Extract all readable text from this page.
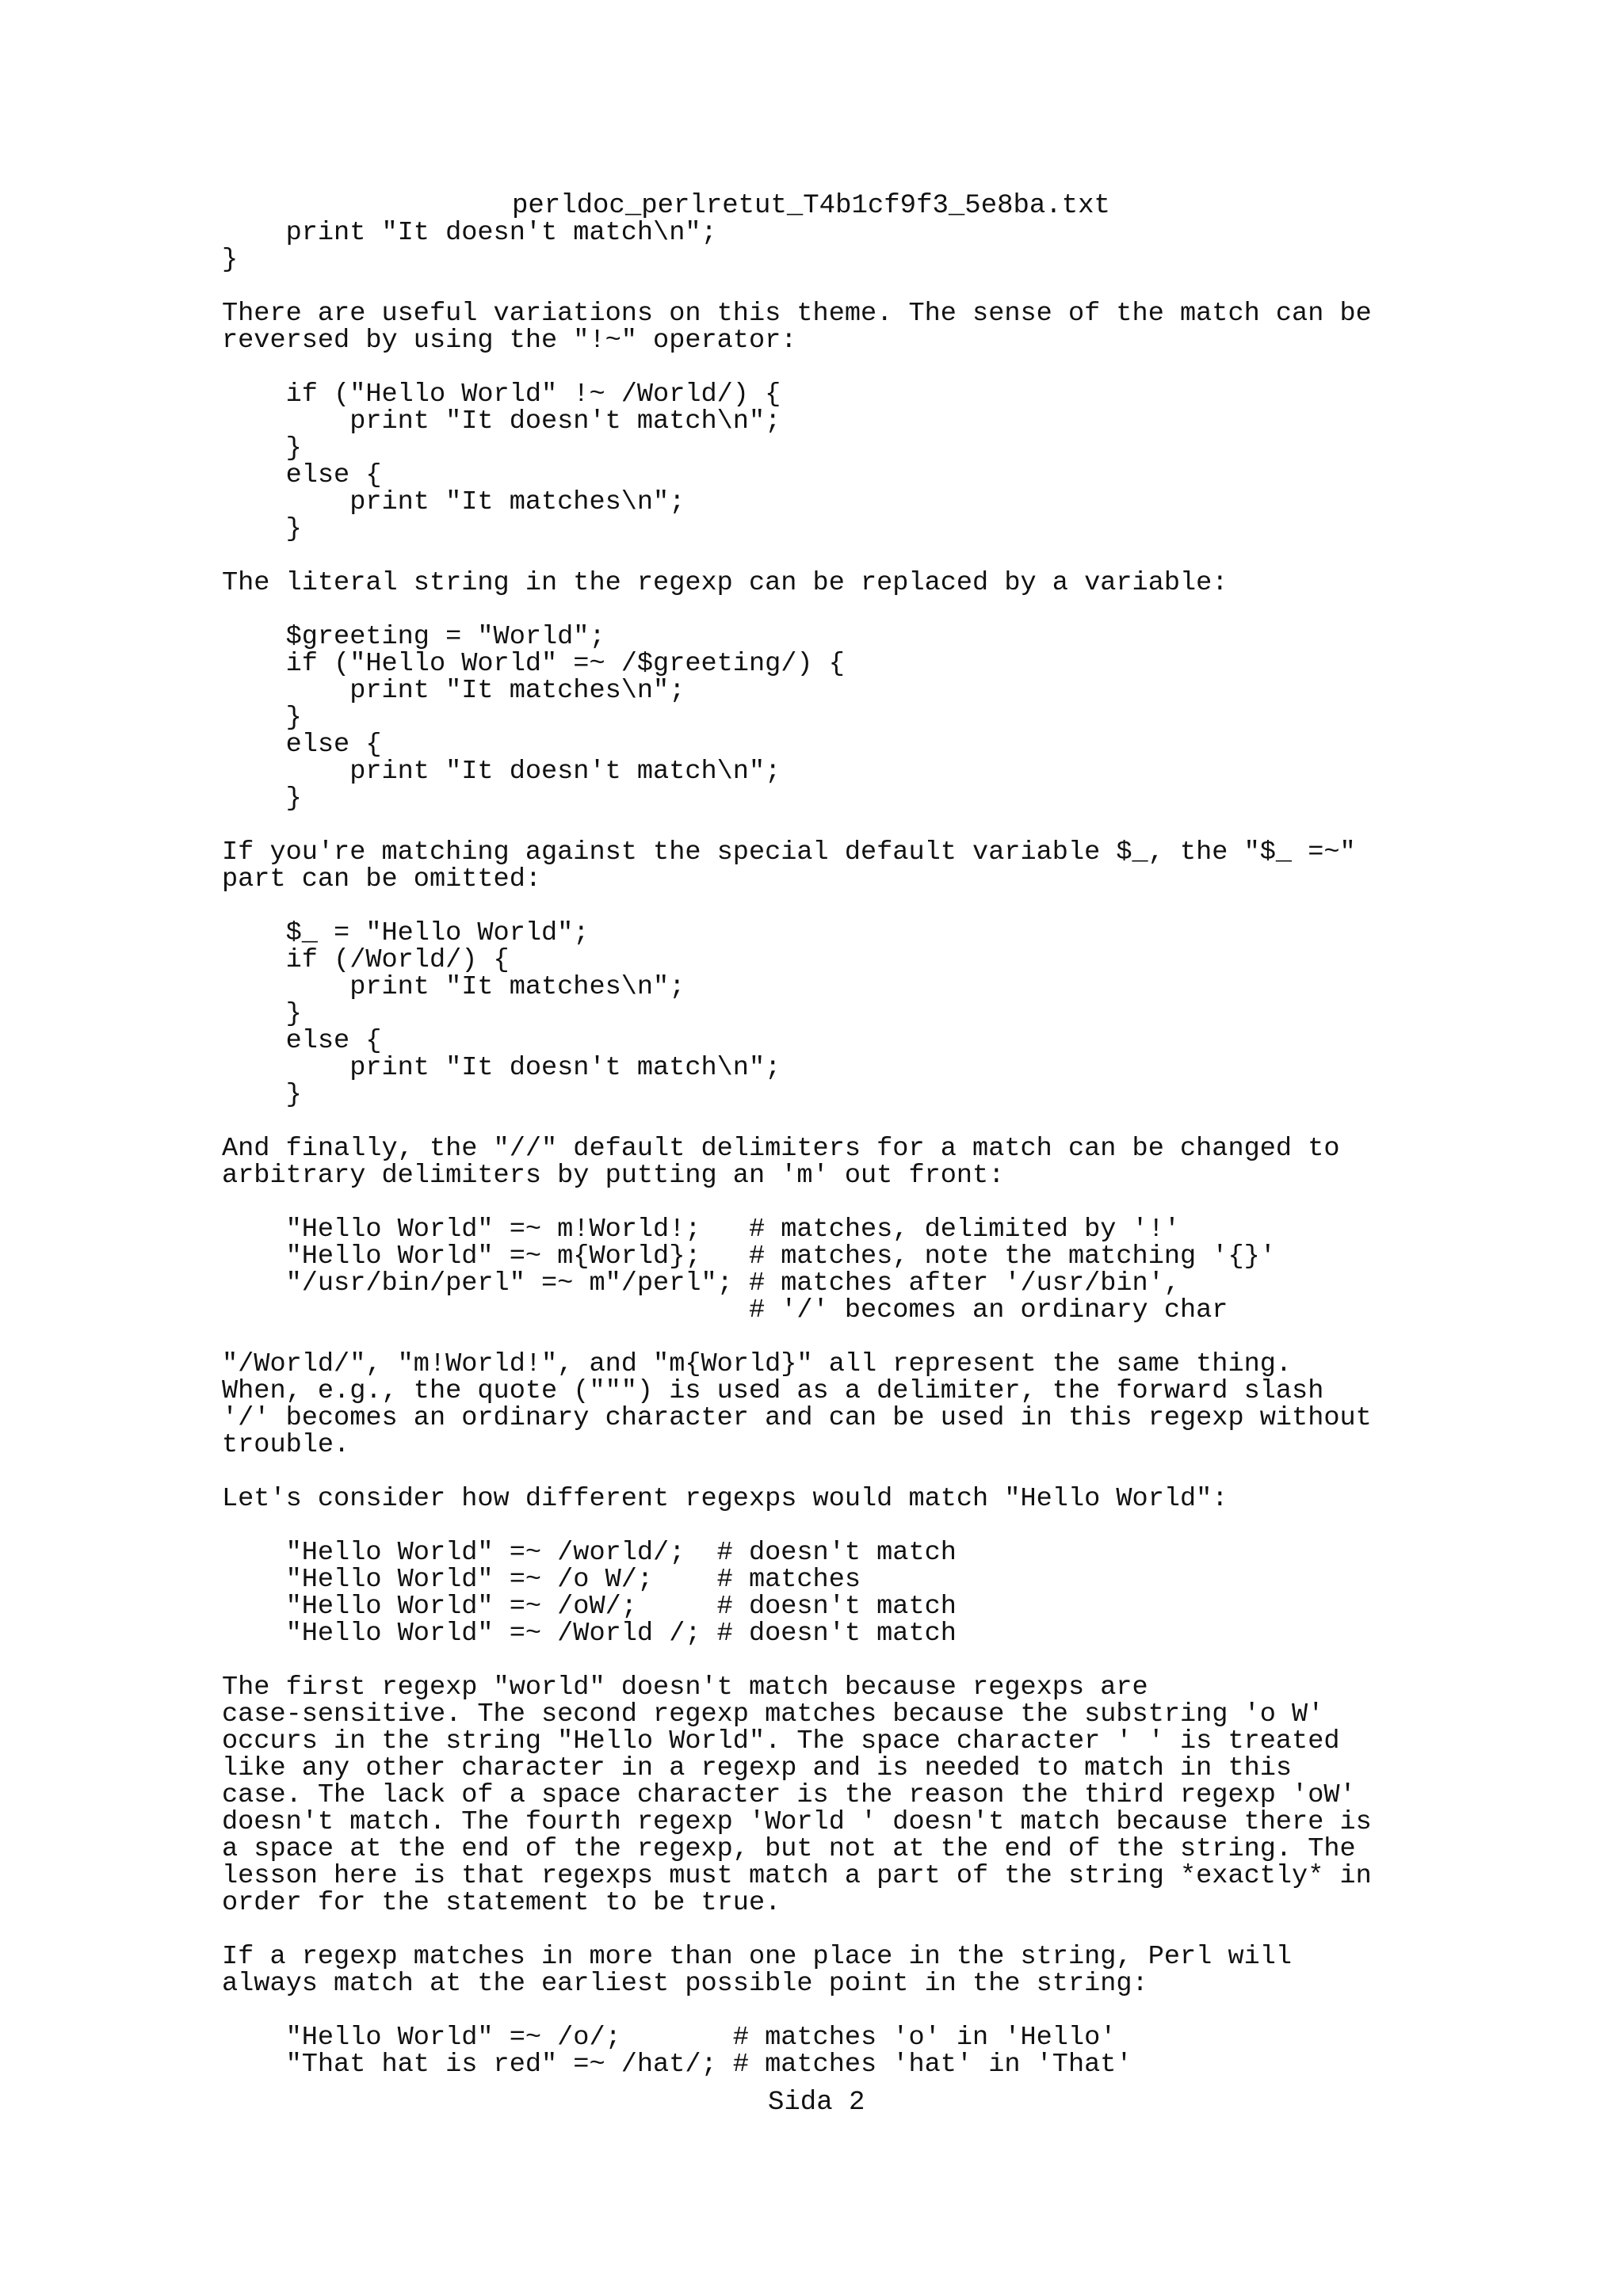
perldoc_perlretut_T4b1cf9f3_5e8ba.txt
print "It doesn't match\n";
}

There are useful variations on this theme. The sense of the match can be
reversed by using the "!~" operator:

if ("Hello World" !~ /World/) {
print "It doesn't match\n";
}
else {
print "It matches\n";
}

The literal string in the regexp can be replaced by a variable:

$greeting = "World";
if ("Hello World" =~ /$greeting/) {
print "It matches\n";
}
else {
print "It doesn't match\n";
}

If you're matching against the special default variable $_, the "$_ =~"
part can be omitted:

$_ = "Hello World";
if (/World/) {
print "It matches\n";
}
else {
print "It doesn't match\n";
}

And finally, the "//" default delimiters for a match can be changed to
arbitrary delimiters by putting an 'm' out front:

"Hello World" =~ m!World!;   # matches, delimited by '!'
"Hello World" =~ m{World};   # matches, note the matching '{}'
"/usr/bin/perl" =~ m"/perl"; # matches after '/usr/bin',
# '/' becomes an ordinary char

"/World/", "m!World!", and "m{World}" all represent the same thing.
When, e.g., the quote (""") is used as a delimiter, the forward slash
'/' becomes an ordinary character and can be used in this regexp without
trouble.

Let's consider how different regexps would match "Hello World":

"Hello World" =~ /world/;  # doesn't match
"Hello World" =~ /o W/;    # matches
"Hello World" =~ /oW/;     # doesn't match
"Hello World" =~ /World /; # doesn't match

The first regexp "world" doesn't match because regexps are
case-sensitive. The second regexp matches because the substring 'o W'
occurs in the string "Hello World". The space character ' ' is treated
like any other character in a regexp and is needed to match in this
case. The lack of a space character is the reason the third regexp 'oW'
doesn't match. The fourth regexp 'World ' doesn't match because there is
a space at the end of the regexp, but not at the end of the string. The
lesson here is that regexps must match a part of the string *exactly* in
order for the statement to be true.

If a regexp matches in more than one place in the string, Perl will
always match at the earliest possible point in the string:

"Hello World" =~ /o/;       # matches 'o' in 'Hello'
"That hat is red" =~ /hat/; # matches 'hat' in 'That'
Sida 2
